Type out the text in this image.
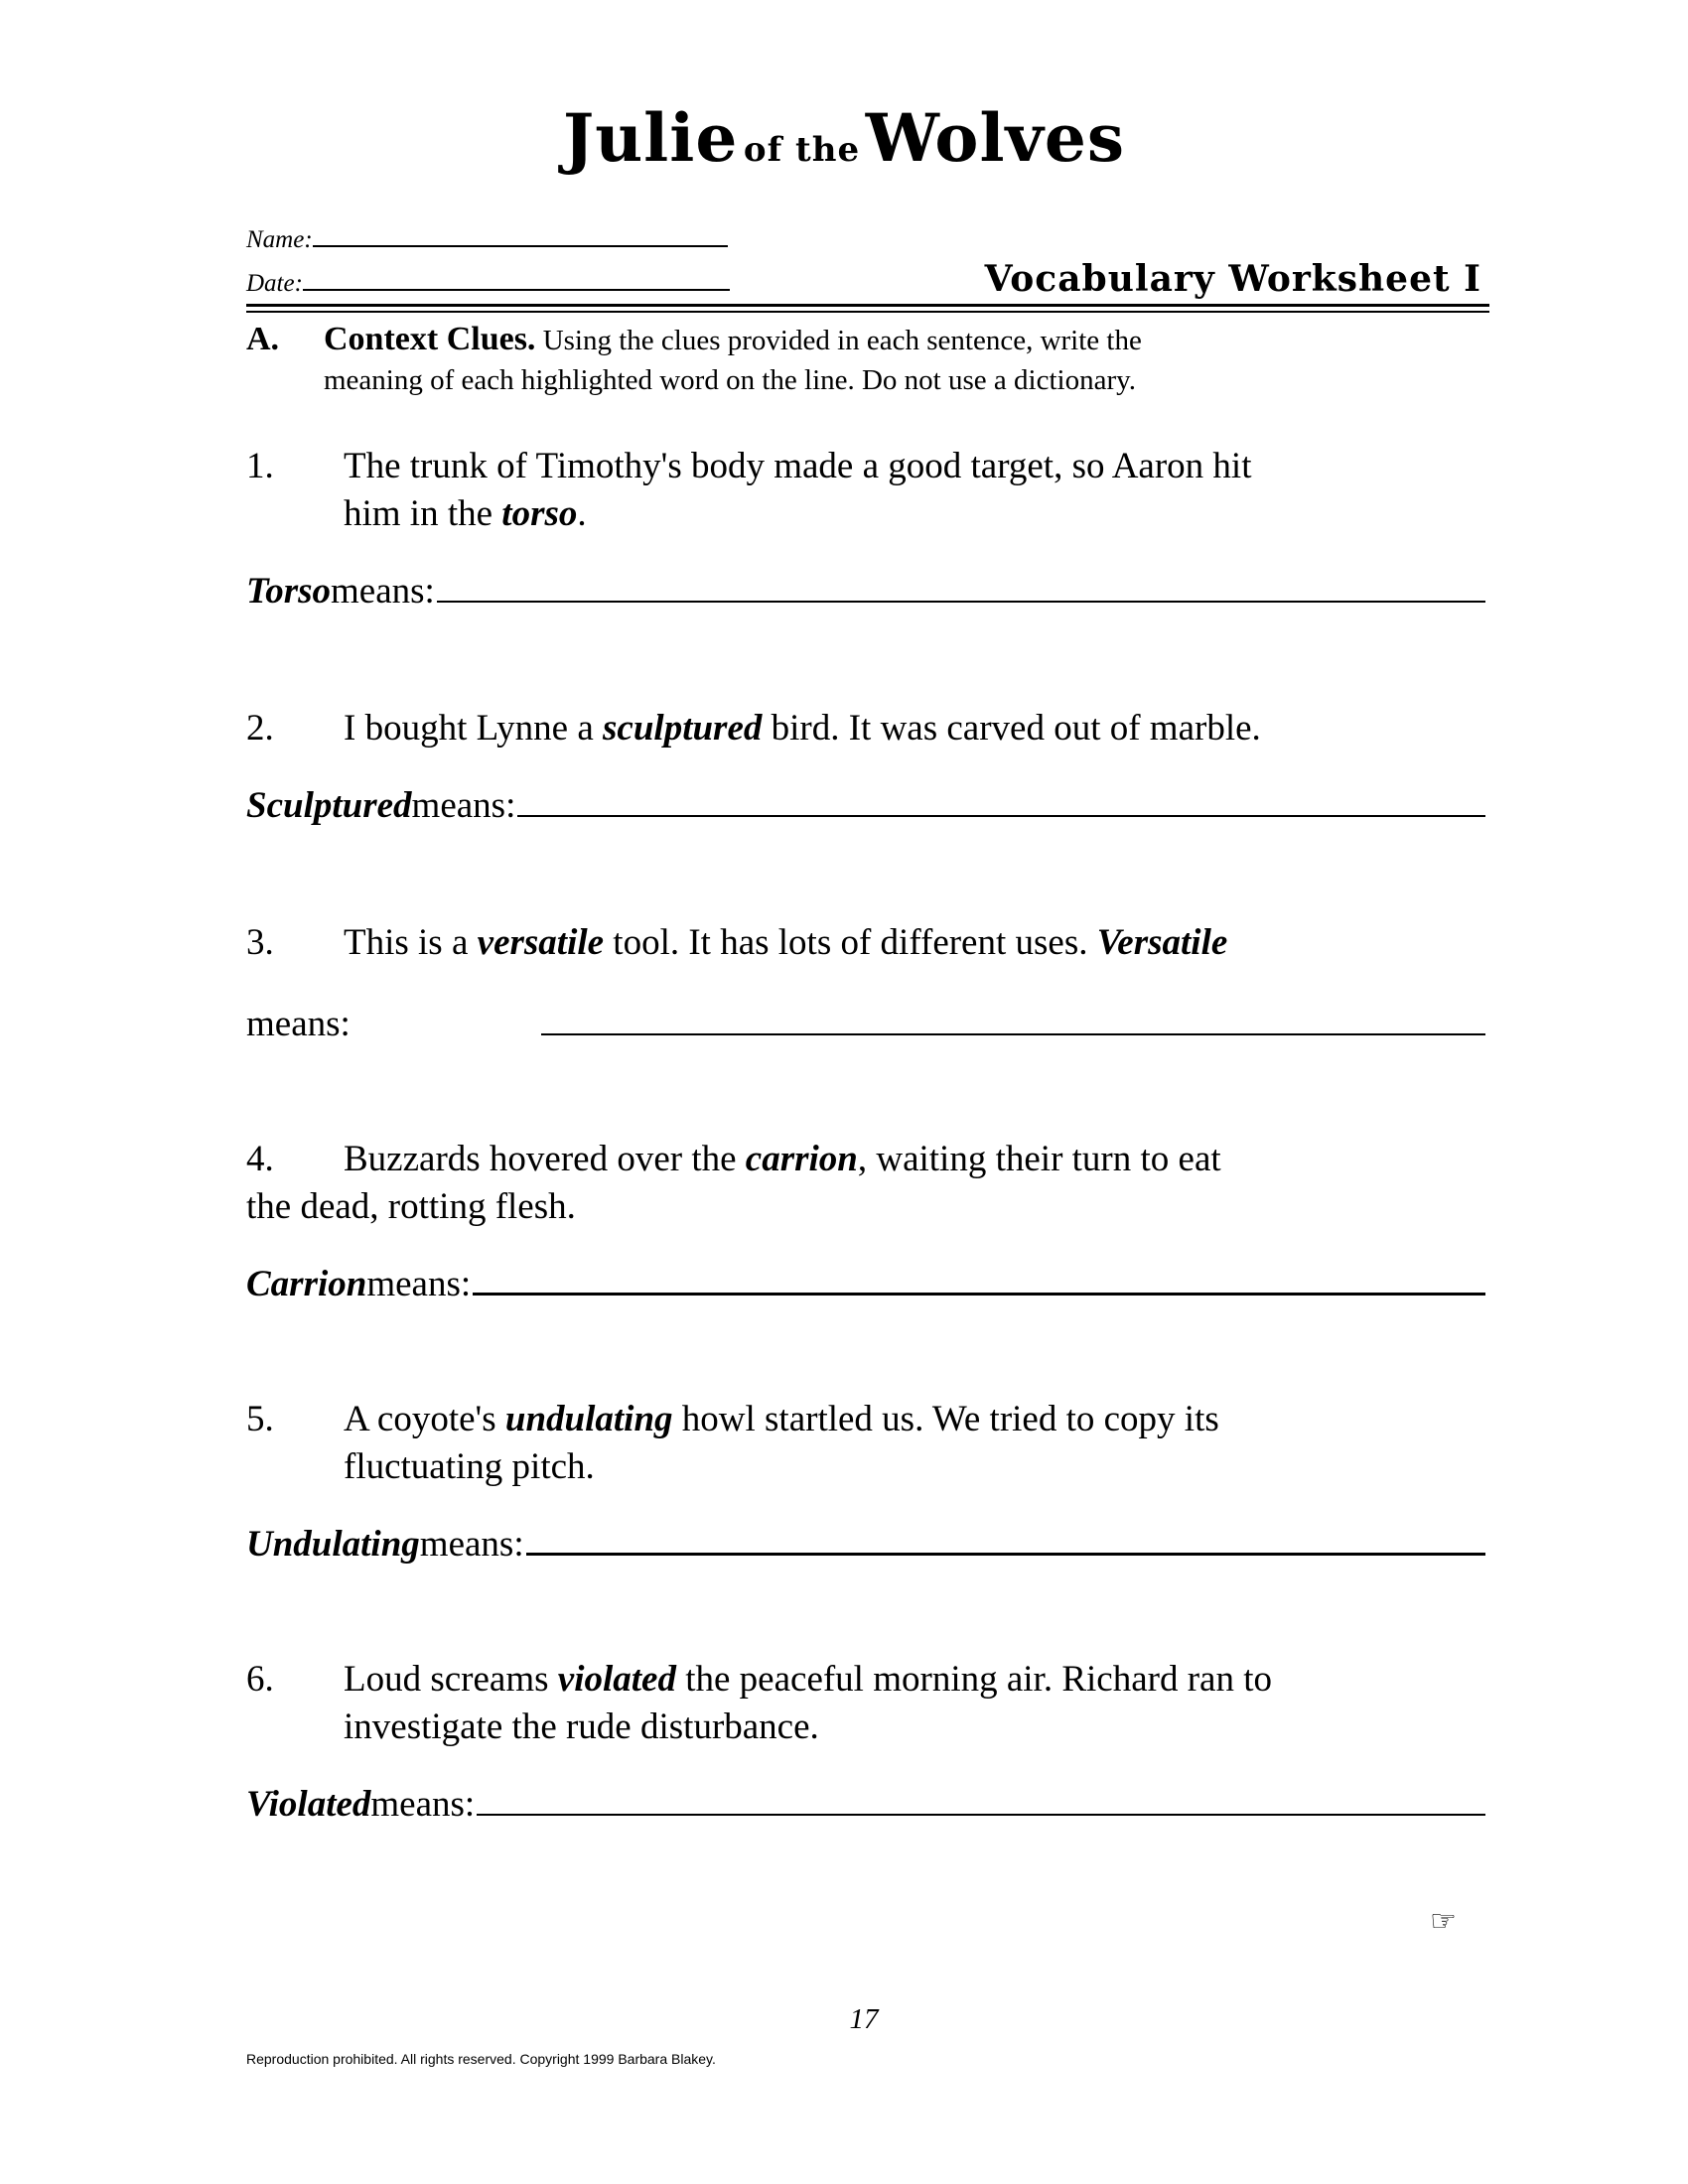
Julie of the Wolves
Name:
Date:	Vocabulary Worksheet I
A. Context Clues. Using the clues provided in each sentence, write the
meaning of each highlighted word on the line. Do not use a dictionary.
1. The trunk of Timothy's body made a good target, so Aaron hit
him in the torso.
Torso means:
2. I bought Lynne a sculptured bird. It was carved out of marble.
Sculptured means:
3. This is a versatile tool. It has lots of different uses. Versatile
means:
4. Buzzards hovered over the carrion, waiting their turn to eat
the dead, rotting flesh.
Carrion means:
5. A coyote's undulating howl startled us. We tried to copy its
fluctuating pitch.
Undulating means:
6. Loud screams violated the peaceful morning air. Richard ran to
investigate the rude disturbance.
Violated means:
☞
17
Reproduction prohibited. All rights reserved. Copyright 1999 Barbara Blakey.
